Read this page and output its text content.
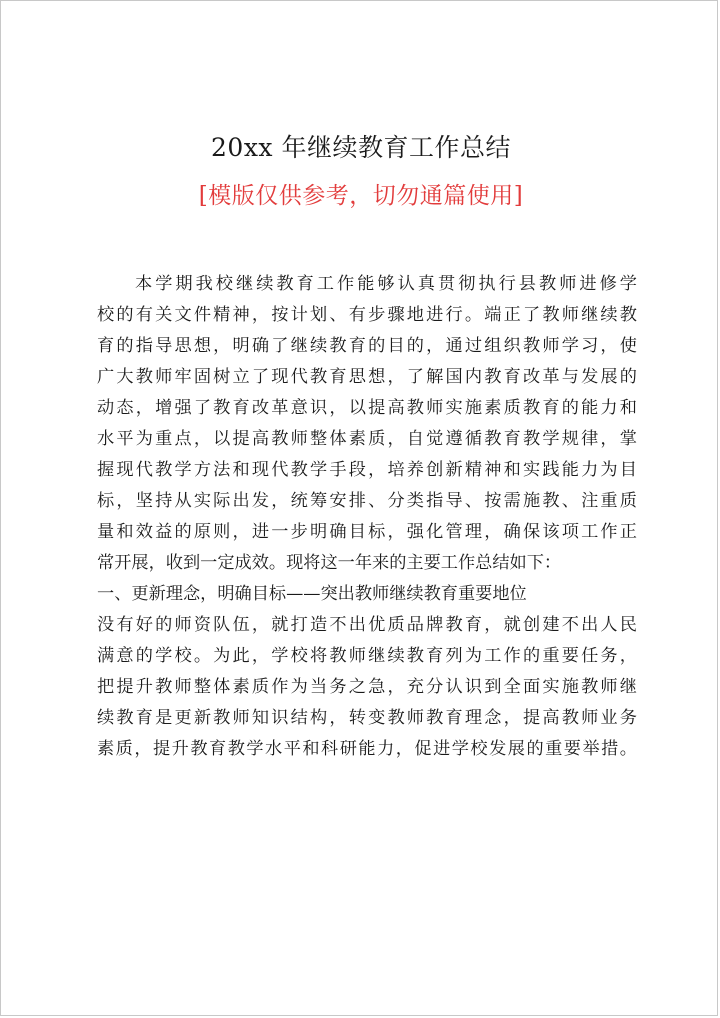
20xx 年继续教育工作总结
[模版仅供参考，切勿通篇使用]
本学期我校继续教育工作能够认真贯彻执行县教师进修学
校的有关文件精神，按计划、有步骤地进行。端正了教师继续教
育的指导思想，明确了继续教育的目的，通过组织教师学习，使
广大教师牢固树立了现代教育思想，了解国内教育改革与发展的
动态，增强了教育改革意识，以提高教师实施素质教育的能力和
水平为重点，以提高教师整体素质，自觉遵循教育教学规律，掌
握现代教学方法和现代教学手段，培养创新精神和实践能力为目
标，坚持从实际出发，统筹安排、分类指导、按需施教、注重质
量和效益的原则，进一步明确目标，强化管理，确保该项工作正
常开展，收到一定成效。现将这一年来的主要工作总结如下：
一、更新理念，明确目标——突出教师继续教育重要地位
没有好的师资队伍，就打造不出优质品牌教育，就创建不出人民
满意的学校。为此，学校将教师继续教育列为工作的重要任务，
把提升教师整体素质作为当务之急，充分认识到全面实施教师继
续教育是更新教师知识结构，转变教师教育理念，提高教师业务
素质，提升教育教学水平和科研能力，促进学校发展的重要举措。
